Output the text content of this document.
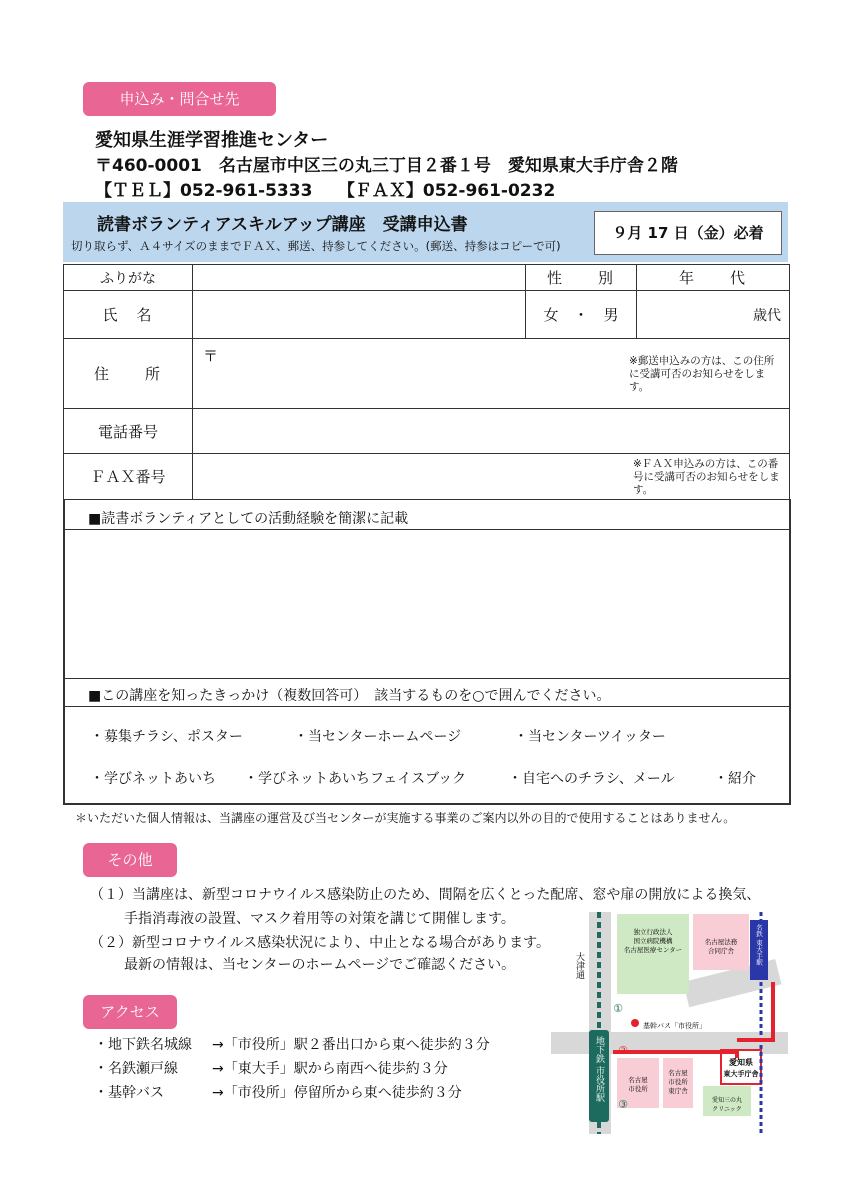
申込み・問合せ先
愛知県生涯学習推進センター
〒460-0001　名古屋市中区三の丸三丁目２番１号　愛知県東大手庁舎２階
【ＴＥＬ】052-961-5333　　【ＦＡＸ】052-961-0232
読書ボランティアスキルアップ講座　受講申込書
切り取らず、Ａ４サイズのままでＦＡＸ、郵送、持参してください。(郵送、持参はコピーで可)
９月 17 日（金）必着
ふりがな		性　　別	年　　代
氏　名		女　・　男	歳代
住　　所	〒 ※郵送申込みの方は、この住所に受講可否のお知らせをします。		

電話番号			
ＦＡＸ番号	※ＦＡＸ申込みの方は、この番号に受講可否のお知らせをします。		
■読書ボランティアとしての活動経験を簡潔に記載
■この講座を知ったきっかけ（複数回答可）　該当するものを○で囲んでください。
・募集チラシ、ポスター	・当センターホームページ	・当センターツイッター
・学びネットあいち ・学びネットあいちフェイスブック	・自宅へのチラシ、メール	・紹介
＊いただいた個人情報は、当講座の運営及び当センターが実施する事業のご案内以外の目的で使用することはありません。
その他
（１）当講座は、新型コロナウイルス感染防止のため、間隔を広くとった配席、窓や扉の開放による換気、
手指消毒液の設置、マスク着用等の対策を講じて開催します。
（２）新型コロナウイルス感染状況により、中止となる場合があります。
最新の情報は、当センターのホームページでご確認ください。
アクセス
・地下鉄名城線 →「市役所」駅２番出口から東へ徒歩約３分
・名鉄瀬戸線 →「東大手」駅から南西へ徒歩約３分
・基幹バス	→「市役所」停留所から東へ徒歩約３分
大津通
独立行政法人
国立病院機構
名古屋医療センター
名古屋法務
合同庁舎
地下鉄 市役所駅
名鉄 東大手駅
基幹バス「市役所」
名古屋
市役所
名古屋
市役所
東庁舎
愛知県
東大手庁舎
愛知三の丸
クリニック
①
②
③
